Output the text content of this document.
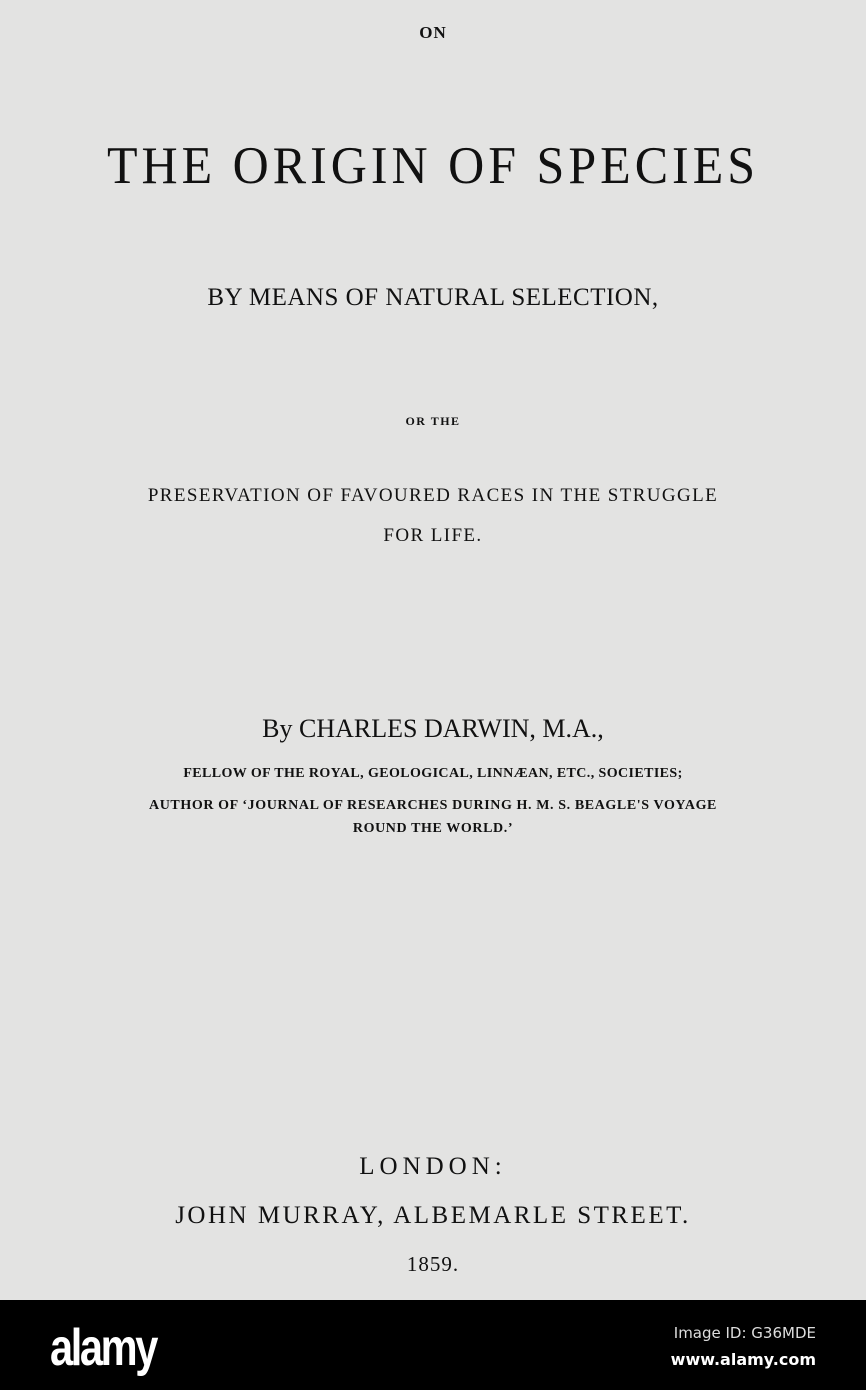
ON
THE ORIGIN OF SPECIES
BY MEANS OF NATURAL SELECTION,
OR THE
PRESERVATION OF FAVOURED RACES IN THE STRUGGLE
FOR LIFE.
By CHARLES DARWIN, M.A.,
FELLOW OF THE ROYAL, GEOLOGICAL, LINNÆAN, ETC., SOCIETIES;
AUTHOR OF ‘JOURNAL OF RESEARCHES DURING H. M. S. BEAGLE'S VOYAGE
ROUND THE WORLD.’
LONDON:
JOHN MURRAY, ALBEMARLE STREET.
1859.
alamy	Image ID: G36MDE
www.alamy.com
